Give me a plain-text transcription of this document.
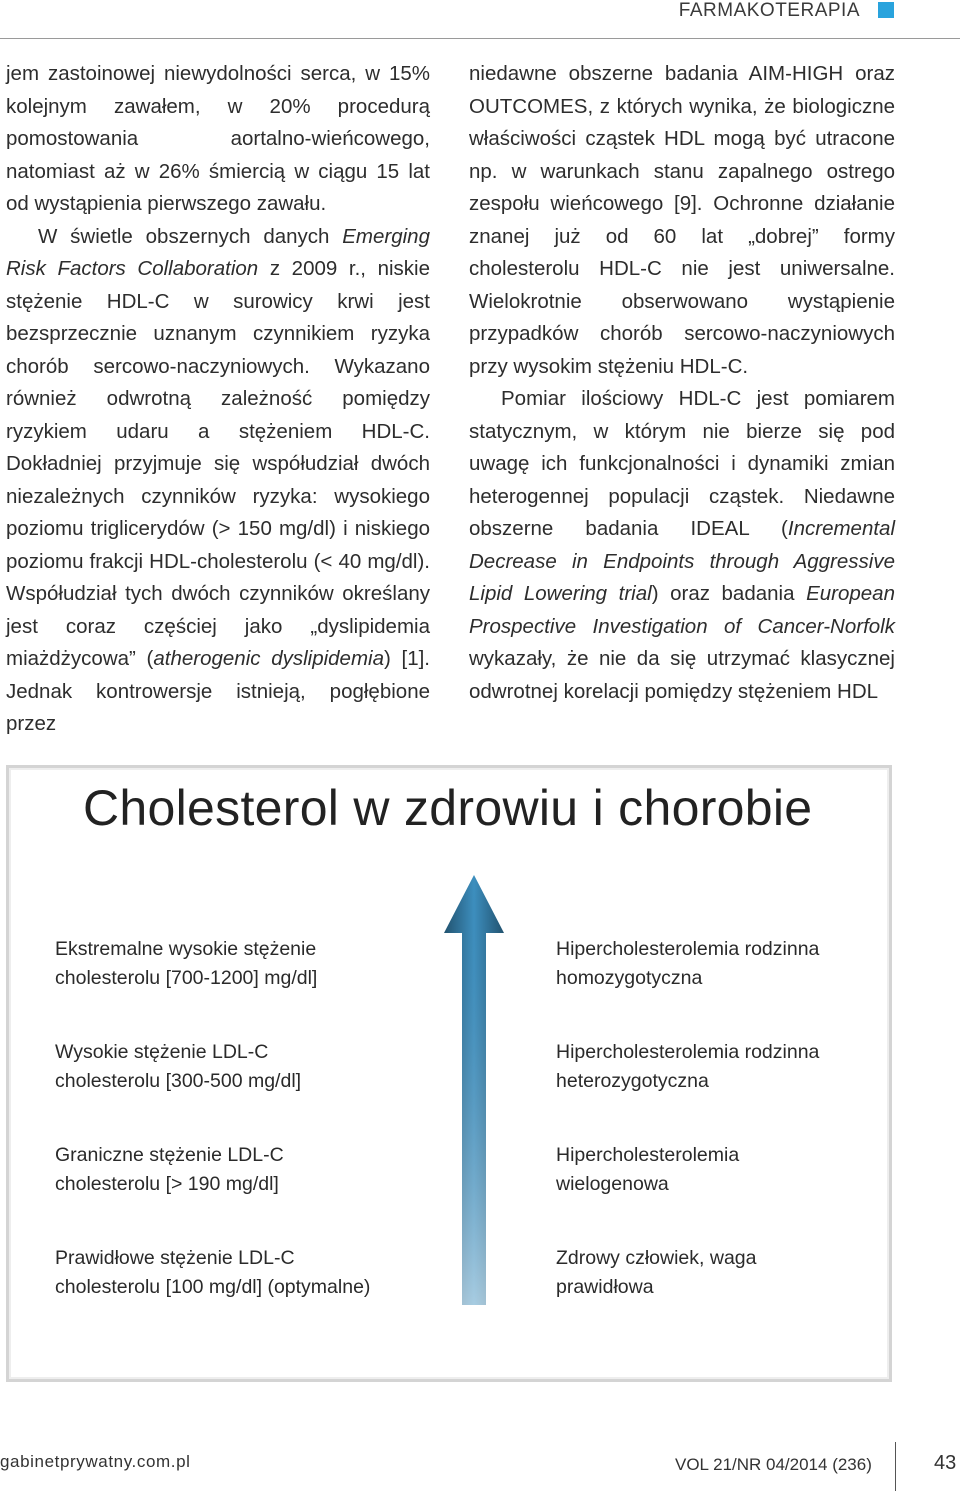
FARMAKOTERAPIA

jem zastoinowej niewydolności serca, w 15% kolejnym zawałem, w 20% procedurą pomostowania aortalno-wieńcowego, natomiast aż w 26% śmiercią w ciągu 15 lat od wystąpienia pierwszego zawału.

W świetle obszernych danych Emerging Risk Factors Collaboration z 2009 r., niskie stężenie HDL-C w surowicy krwi jest bezsprzecznie uznanym czynnikiem ryzyka chorób sercowo-naczyniowych. Wykazano również odwrotną zależność pomiędzy ryzykiem udaru a stężeniem HDL-C. Dokładniej przyjmuje się współudział dwóch niezależnych czynników ryzyka: wysokiego poziomu triglicerydów (> 150 mg/dl) i niskiego poziomu frakcji HDL-cholesterolu (< 40 mg/dl). Współudział tych dwóch czynników określany jest coraz częściej jako „dyslipidemia miażdżycowa” (atherogenic dyslipidemia) [1]. Jednak kontrowersje istnieją, pogłębione przez

niedawne obszerne badania AIM-HIGH oraz OUTCOMES, z których wynika, że biologiczne właściwości cząstek HDL mogą być utracone np. w warunkach stanu zapalnego ostrego zespołu wieńcowego [9]. Ochronne działanie znanej już od 60 lat „dobrej” formy cholesterolu HDL-C nie jest uniwersalne. Wielokrotnie obserwowano wystąpienie przypadków chorób sercowo-naczyniowych przy wysokim stężeniu HDL-C.

Pomiar ilościowy HDL-C jest pomiarem statycznym, w którym nie bierze się pod uwagę ich funkcjonalności i dynamiki zmian heterogennej populacji cząstek. Niedawne obszerne badania IDEAL (Incremental Decrease in Endpoints through Aggressive Lipid Lowering trial) oraz badania European Prospective Investigation of Cancer-Norfolk wykazały, że nie da się utrzymać klasycznej odwrotnej korelacji pomiędzy stężeniem HDL

Cholesterol w zdrowiu i chorobie
Ekstremalne wysokie stężenie
cholesterolu [700-1200] mg/dl]
Wysokie stężenie LDL-C
cholesterolu [300-500 mg/dl]
Graniczne stężenie LDL-C
cholesterolu [> 190 mg/dl]
Prawidłowe stężenie LDL-C
cholesterolu [100 mg/dl] (optymalne)
Hipercholesterolemia rodzinna
homozygotyczna
Hipercholesterolemia rodzinna
heterozygotyczna
Hipercholesterolemia
wielogenowa
Zdrowy człowiek, waga
prawidłowa
gabinetprywatny.com.pl	VOL 21/NR 04/2014 (236)	43
